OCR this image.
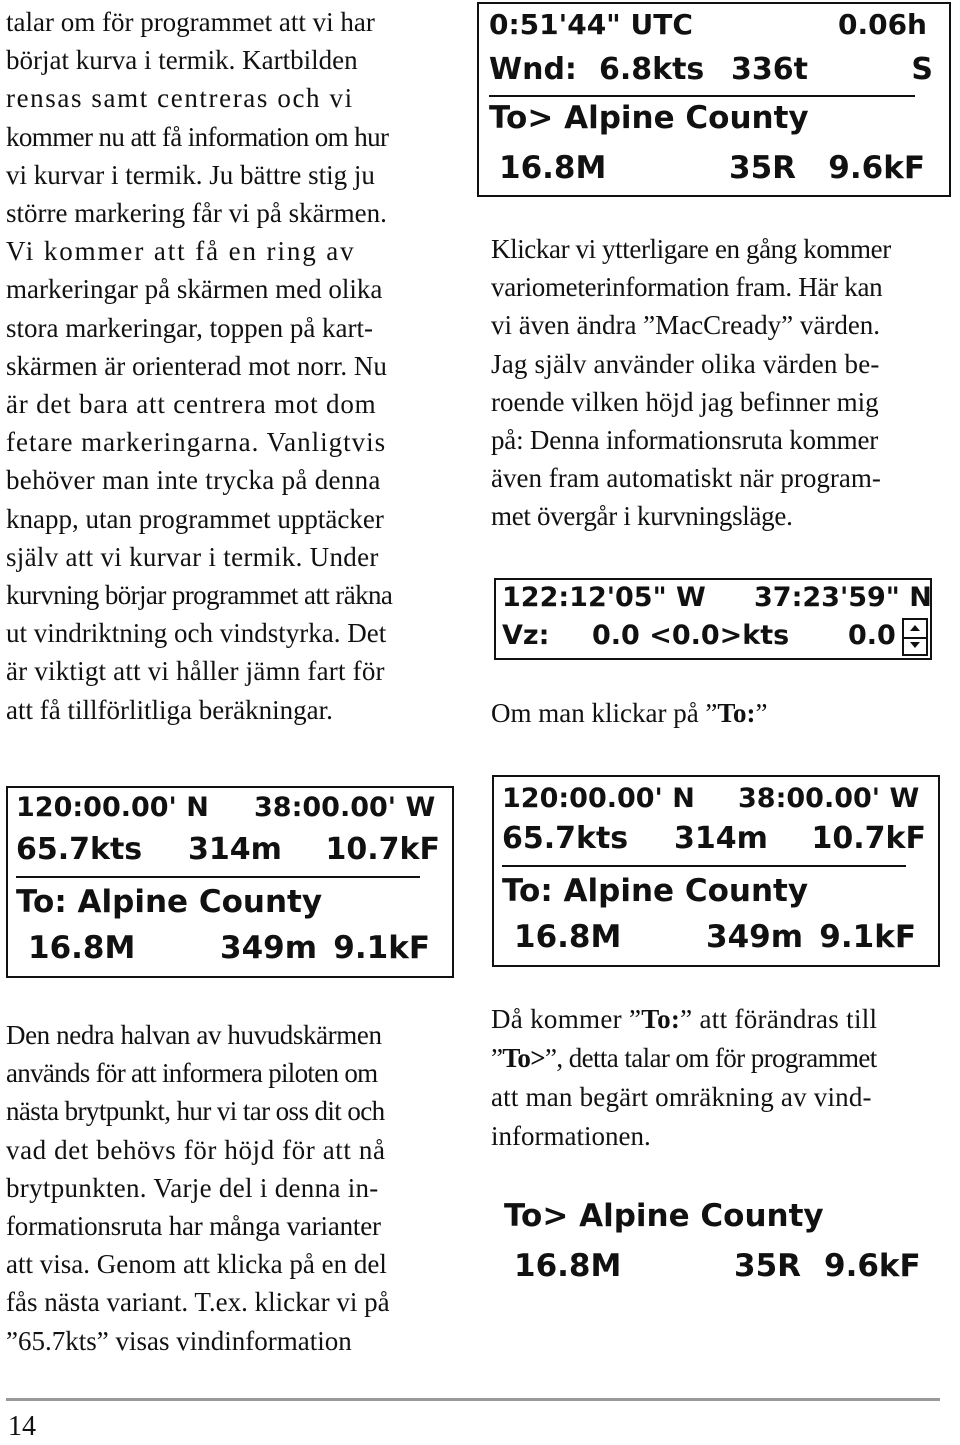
talar om för programmet att vi har
börjat kurva i termik. Kartbilden
rensas samt centreras och vi
kommer nu att få information om hur
vi kurvar i termik. Ju bättre stig ju
större markering får vi på skärmen.
Vi kommer att få en ring av
markeringar på skärmen med olika
stora markeringar, toppen på kart-
skärmen är orienterad mot norr. Nu
är det bara att centrera mot dom
fetare markeringarna. Vanligtvis
behöver man inte trycka på denna
knapp, utan programmet upptäcker
själv att vi kurvar i termik. Under
kurvning börjar programmet att räkna
ut vindriktning och vindstyrka. Det
är viktigt att vi håller jämn fart för
att få tillförlitliga beräkningar.
0:51'44" UTC	0.06h
Wnd: 6.8kts 336t	S
To> Alpine County
16.8M	35R 9.6kF
Klickar vi ytterligare en gång kommer
variometerinformation fram. Här kan
vi även ändra ”MacCready” värden.
Jag själv använder olika värden be-
roende vilken höjd jag befinner mig
på: Denna informationsruta kommer
även fram automatiskt när program-
met övergår i kurvningsläge.
122:12'05" W 37:23'59" N
Vz: 0.0 <0.0>kts 0.0
Om man klickar på ”To:”
120:00.00' N 38:00.00' W
65.7kts 314m 10.7kF
To: Alpine County
16.8M	349m 9.1kF
120:00.00' N 38:00.00' W
65.7kts 314m 10.7kF
To: Alpine County
16.8M	349m 9.1kF
Den nedra halvan av huvudskärmen
används för att informera piloten om
nästa brytpunkt, hur vi tar oss dit och
vad det behövs för höjd för att nå
brytpunkten. Varje del i denna in-
formationsruta har många varianter
att visa. Genom att klicka på en del
fås nästa variant. T.ex. klickar vi på
”65.7kts” visas vindinformation
Då kommer ”To:” att förändras till
”To>”, detta talar om för programmet
att man begärt omräkning av vind-
informationen.
To> Alpine County
16.8M	35R 9.6kF
14
